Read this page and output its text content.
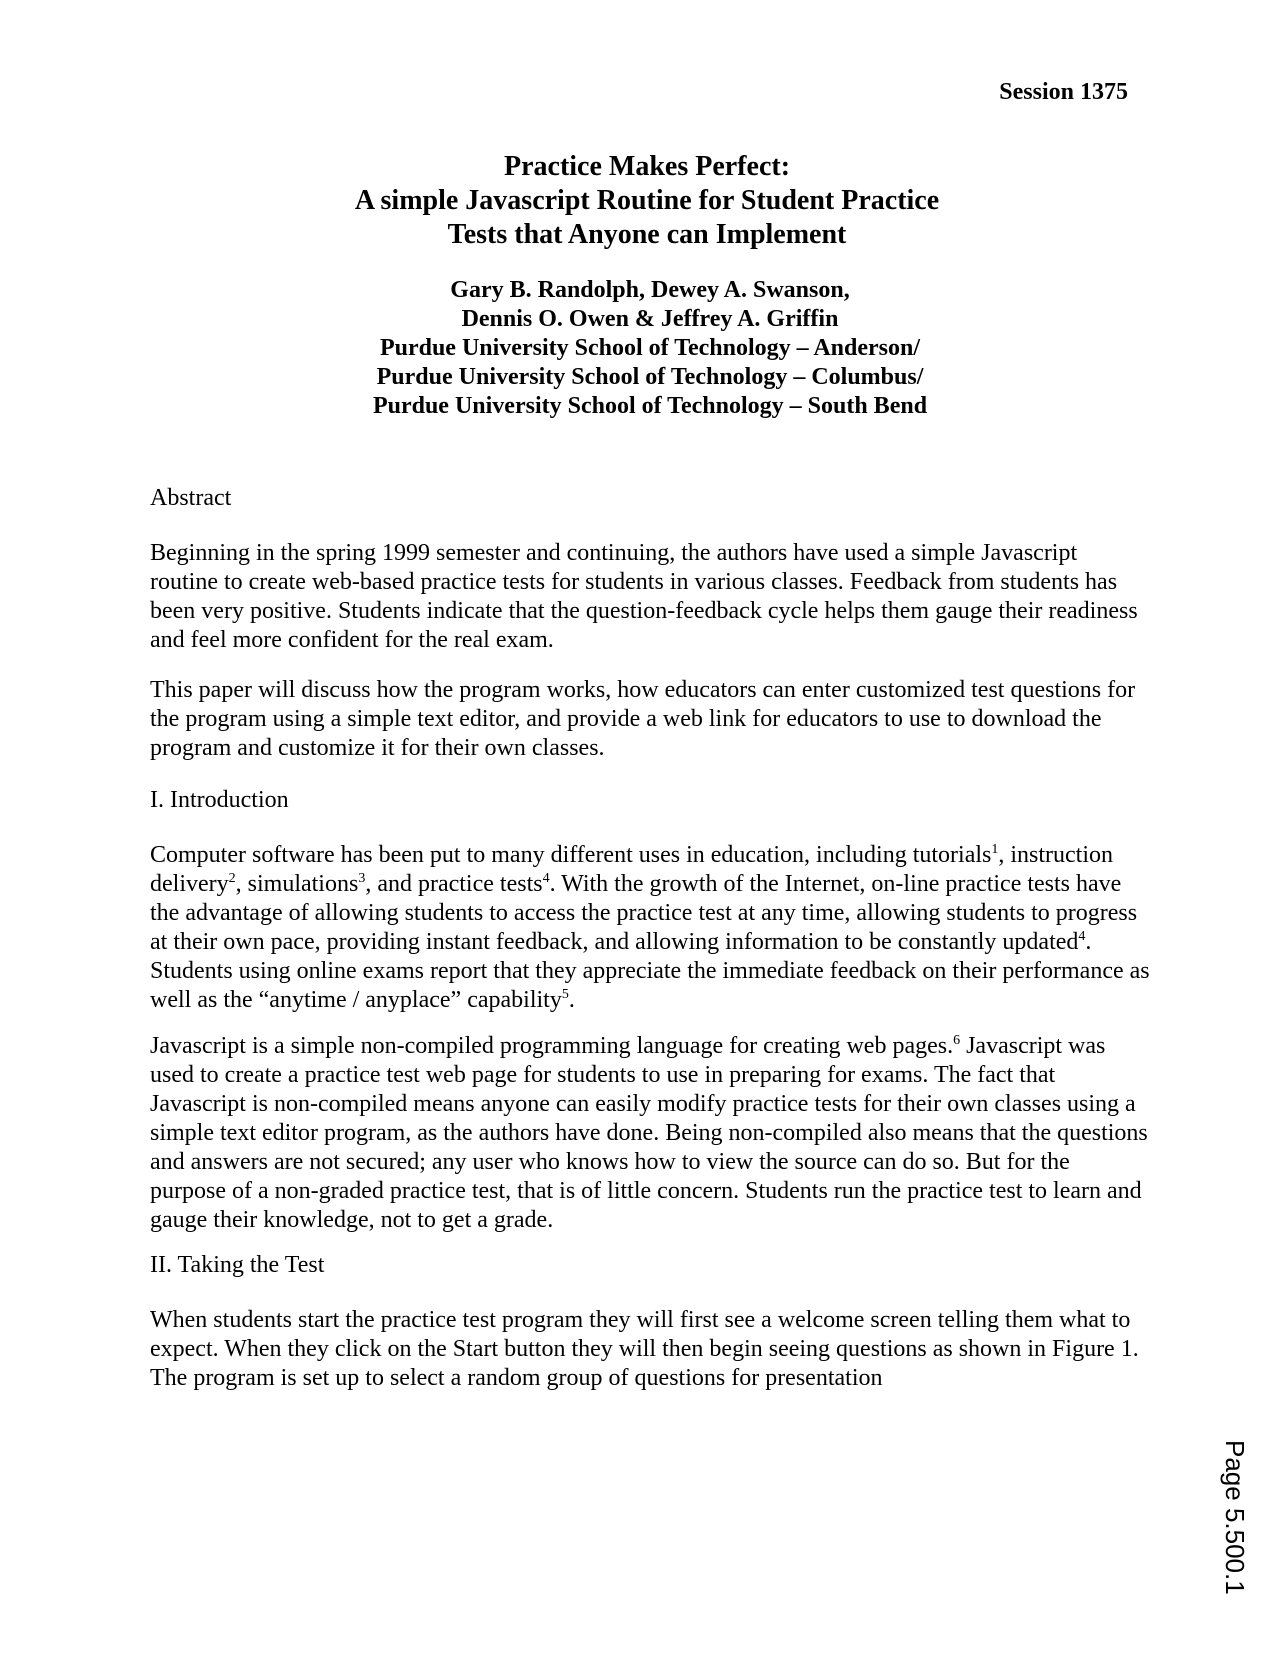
Session 1375
Practice Makes Perfect:
A simple Javascript Routine for Student Practice
Tests that Anyone can Implement
Gary B. Randolph, Dewey A. Swanson,
Dennis O. Owen & Jeffrey A. Griffin
Purdue University School of Technology – Anderson/
Purdue University School of Technology – Columbus/
Purdue University School of Technology – South Bend
Abstract

Beginning in the spring 1999 semester and continuing, the authors have used a simple Javascript routine to create web-based practice tests for students in various classes. Feedback from students has been very positive. Students indicate that the question-feedback cycle helps them gauge their readiness and feel more confident for the real exam.

This paper will discuss how the program works, how educators can enter customized test questions for the program using a simple text editor, and provide a web link for educators to use to download the program and customize it for their own classes.

I. Introduction

Computer software has been put to many different uses in education, including tutorials$^1$, instruction delivery$^2$, simulations$^3$, and practice tests$^4$. With the growth of the Internet, on-line practice tests have the advantage of allowing students to access the practice test at any time, allowing students to progress at their own pace, providing instant feedback, and allowing information to be constantly updated$^4$. Students using online exams report that they appreciate the immediate feedback on their performance as well as the “anytime / anyplace” capability$^5$.

Javascript is a simple non-compiled programming language for creating web pages.$^6$ Javascript was used to create a practice test web page for students to use in preparing for exams. The fact that Javascript is non-compiled means anyone can easily modify practice tests for their own classes using a simple text editor program, as the authors have done. Being non-compiled also means that the questions and answers are not secured; any user who knows how to view the source can do so. But for the purpose of a non-graded practice test, that is of little concern. Students run the practice test to learn and gauge their knowledge, not to get a grade.

II. Taking the Test

When students start the practice test program they will first see a welcome screen telling them what to expect. When they click on the Start button they will then begin seeing questions as shown in Figure 1. The program is set up to select a random group of questions for presentation

Page 5.500.1
